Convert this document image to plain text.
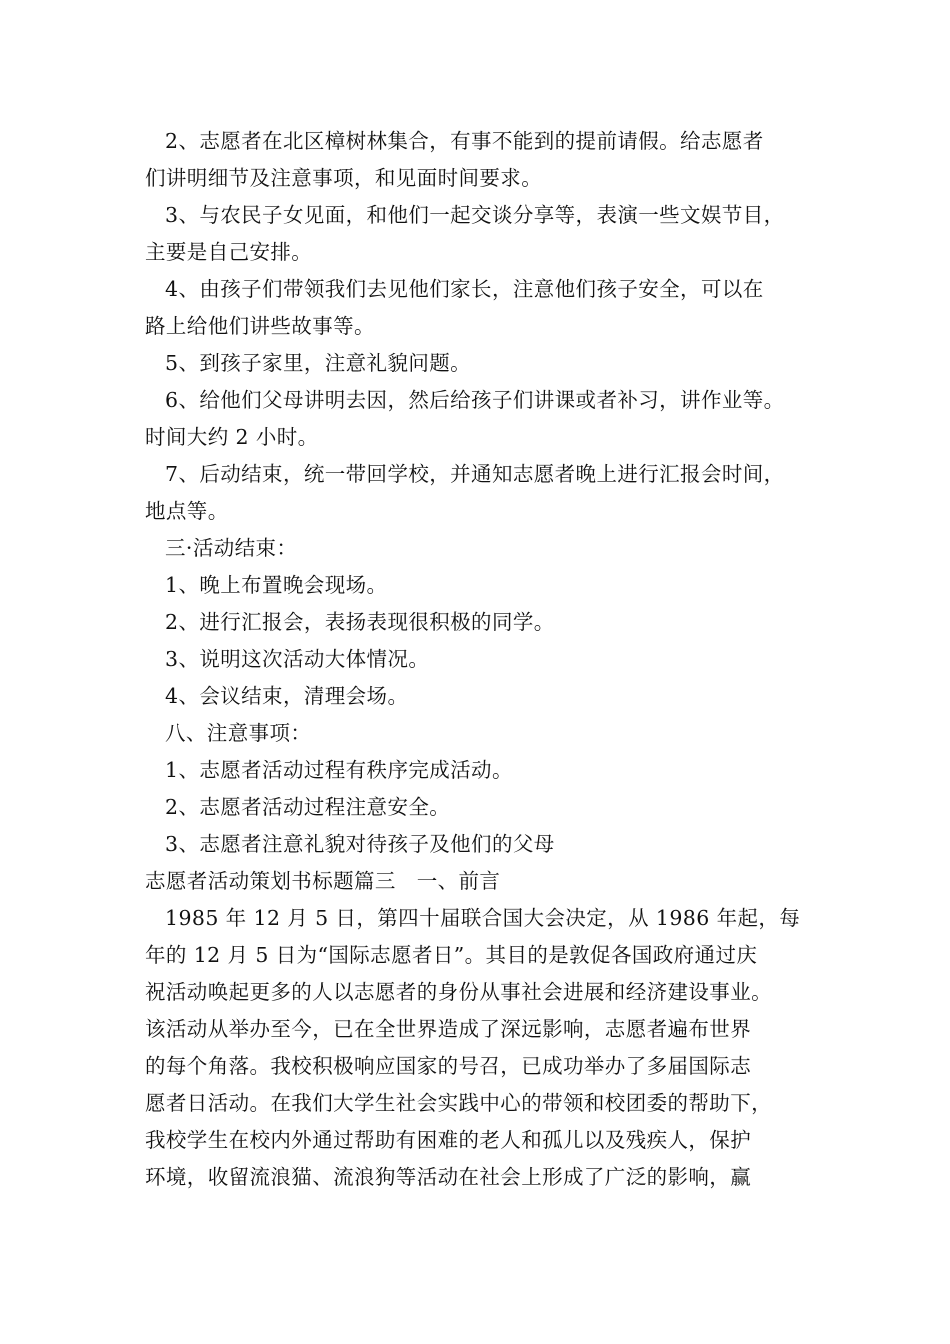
2、志愿者在北区樟树林集合，有事不能到的提前请假。给志愿者
们讲明细节及注意事项，和见面时间要求。
3、与农民子女见面，和他们一起交谈分享等，表演一些文娱节目，
主要是自己安排。
4、由孩子们带领我们去见他们家长，注意他们孩子安全，可以在
路上给他们讲些故事等。
5、到孩子家里，注意礼貌问题。
6、给他们父母讲明去因，然后给孩子们讲课或者补习，讲作业等。
时间大约 2 小时。
7、后动结束，统一带回学校，并通知志愿者晚上进行汇报会时间，
地点等。
三·活动结束：
1、晚上布置晚会现场。
2、进行汇报会，表扬表现很积极的同学。
3、说明这次活动大体情况。
4、会议结束，清理会场。
八、注意事项：
1、志愿者活动过程有秩序完成活动。
2、志愿者活动过程注意安全。
3、志愿者注意礼貌对待孩子及他们的父母
志愿者活动策划书标题篇三　一、前言
1985 年 12 月 5 日，第四十届联合国大会决定，从 1986 年起，每
年的 12 月 5 日为“国际志愿者日”。其目的是敦促各国政府通过庆
祝活动唤起更多的人以志愿者的身份从事社会进展和经济建设事业。
该活动从举办至今，已在全世界造成了深远影响，志愿者遍布世界
的每个角落。我校积极响应国家的号召，已成功举办了多届国际志
愿者日活动。在我们大学生社会实践中心的带领和校团委的帮助下，
我校学生在校内外通过帮助有困难的老人和孤儿以及残疾人，保护
环境，收留流浪猫、流浪狗等活动在社会上形成了广泛的影响，赢
